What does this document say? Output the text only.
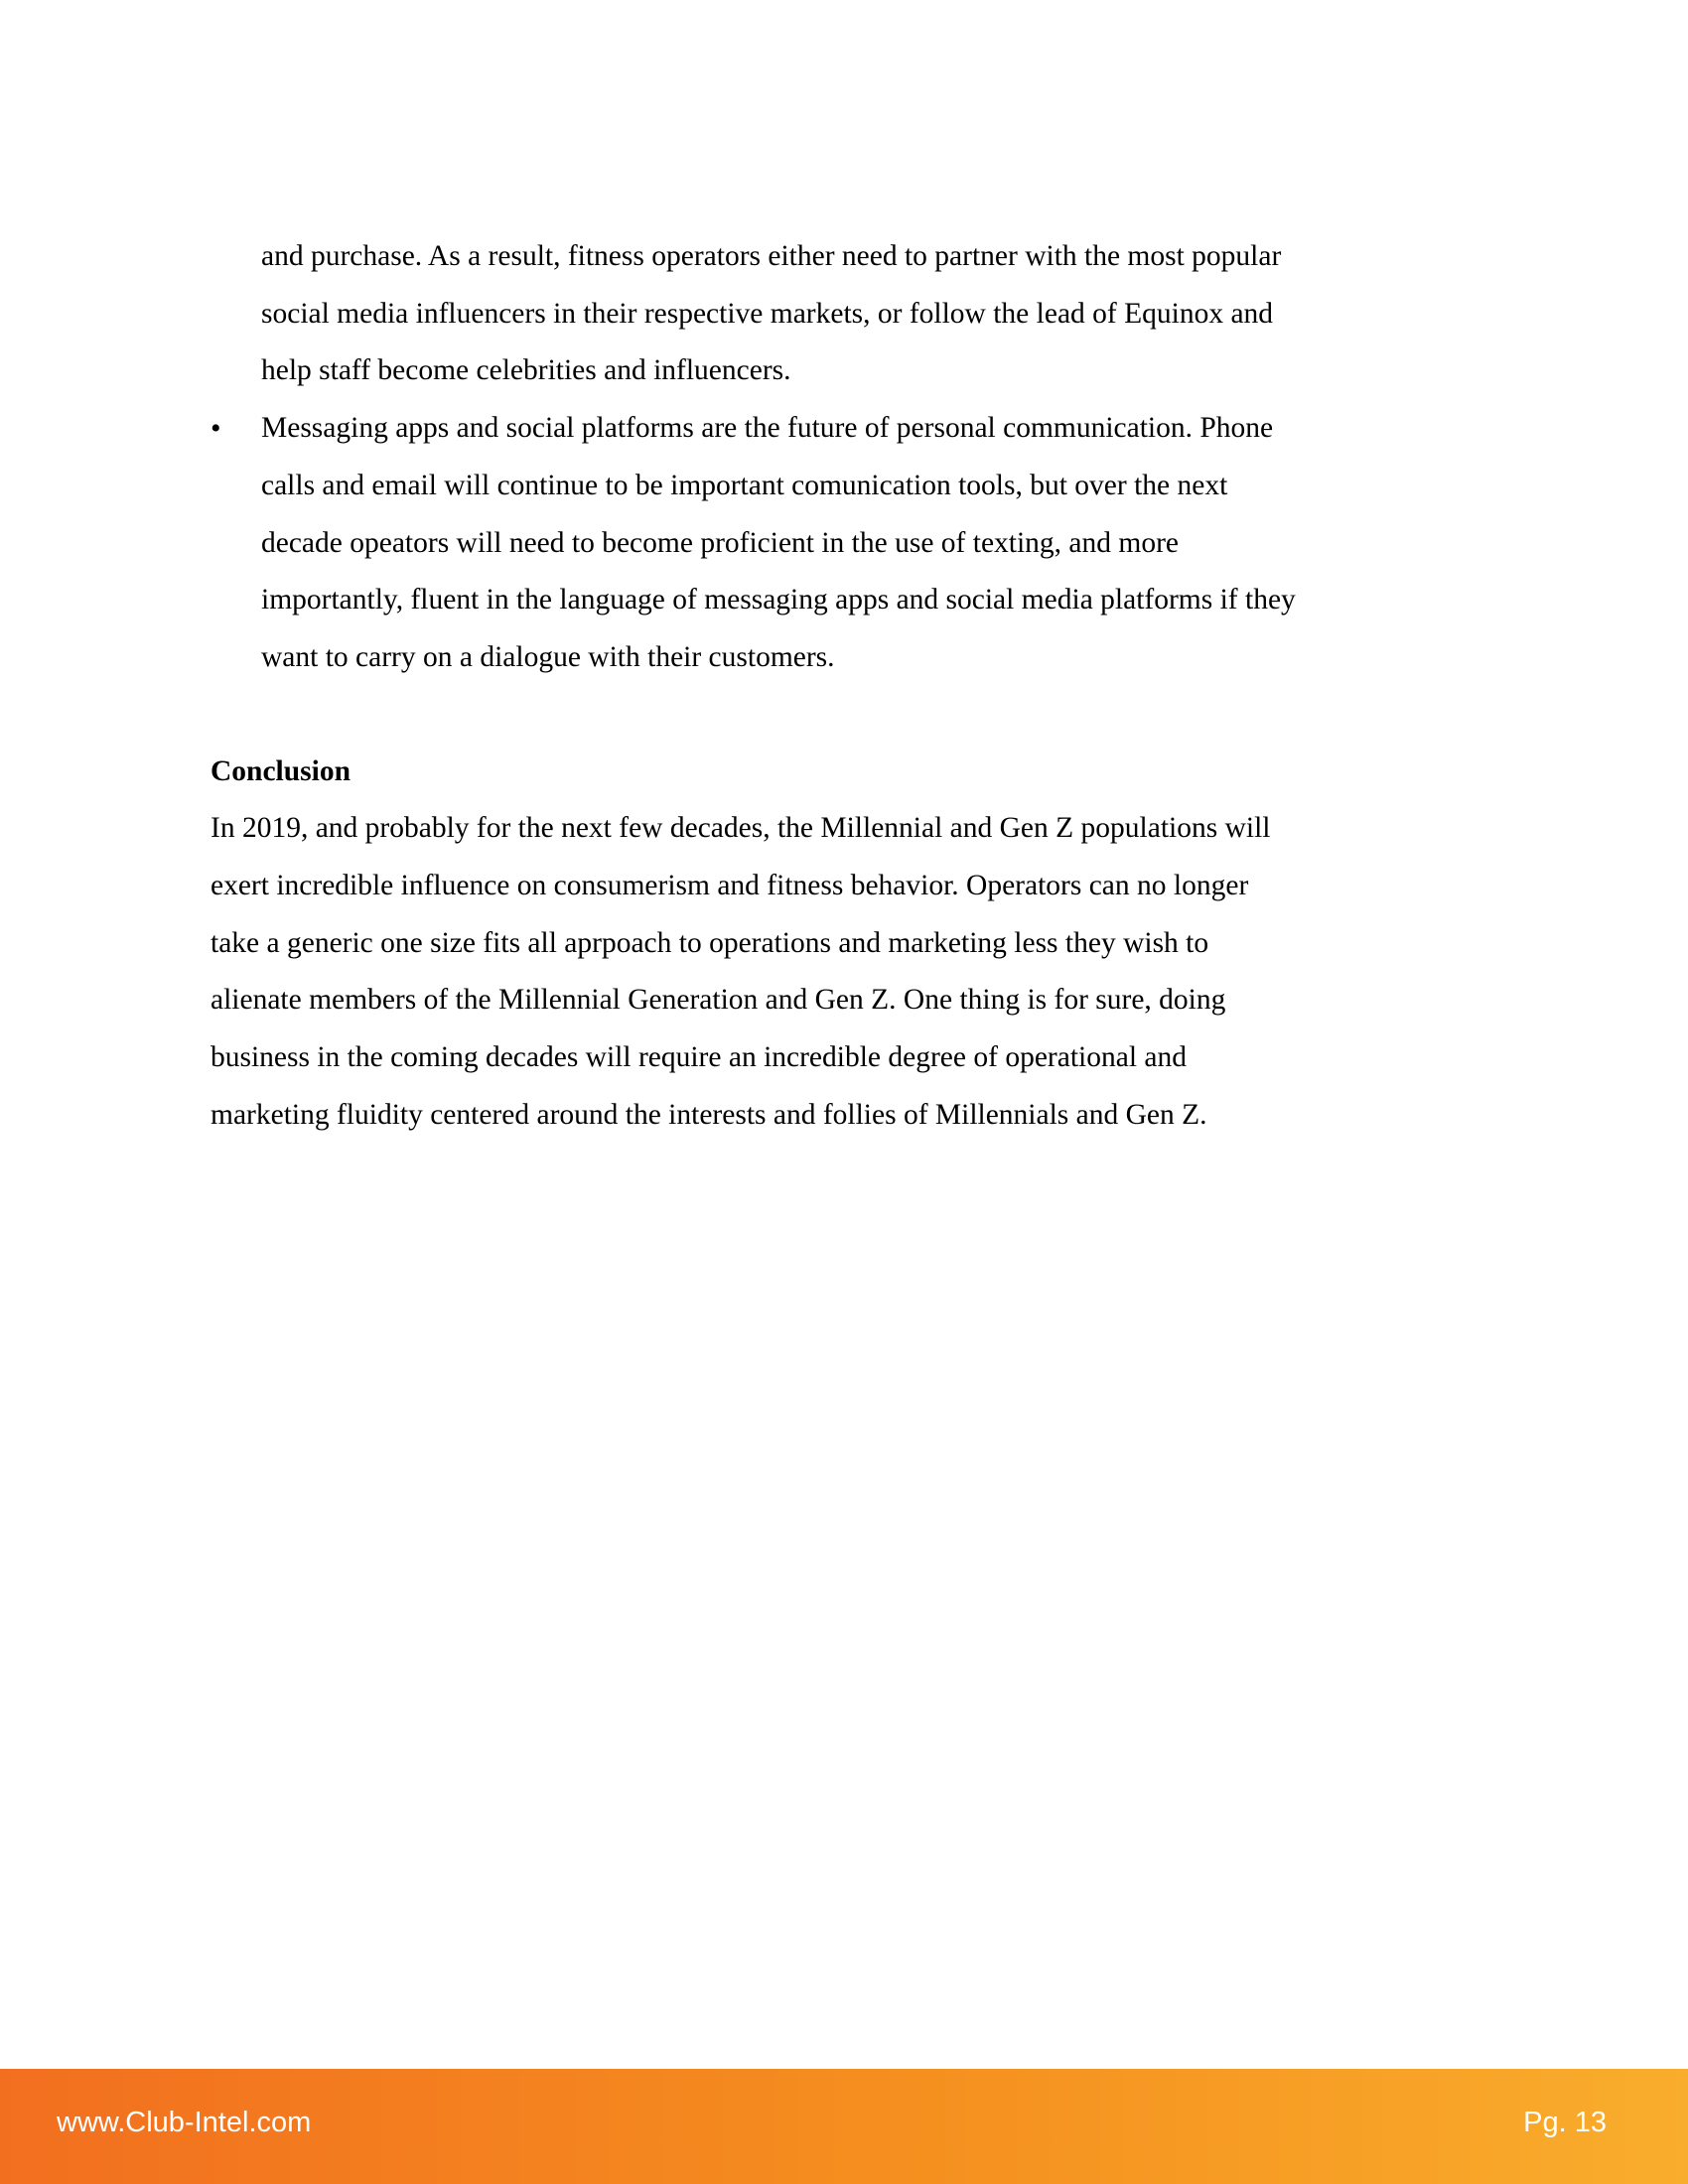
and purchase. As a result, fitness operators either need to partner with the most popular
social media influencers in their respective markets, or follow the lead of Equinox and
help staff become celebrities and influencers.
• Messaging apps and social platforms are the future of personal communication. Phone
calls and email will continue to be important comunication tools, but over the next
decade opeators will need to become proficient in the use of texting, and more
importantly, fluent in the language of messaging apps and social media platforms if they
want to carry on a dialogue with their customers.
Conclusion
In 2019, and probably for the next few decades, the Millennial and Gen Z populations will
exert incredible influence on consumerism and fitness behavior. Operators can no longer
take a generic one size fits all aprpoach to operations and marketing less they wish to
alienate members of the Millennial Generation and Gen Z. One thing is for sure, doing
business in the coming decades will require an incredible degree of operational and
marketing fluidity centered around the interests and follies of Millennials and Gen Z.
www.Club-Intel.com	Pg. 13
